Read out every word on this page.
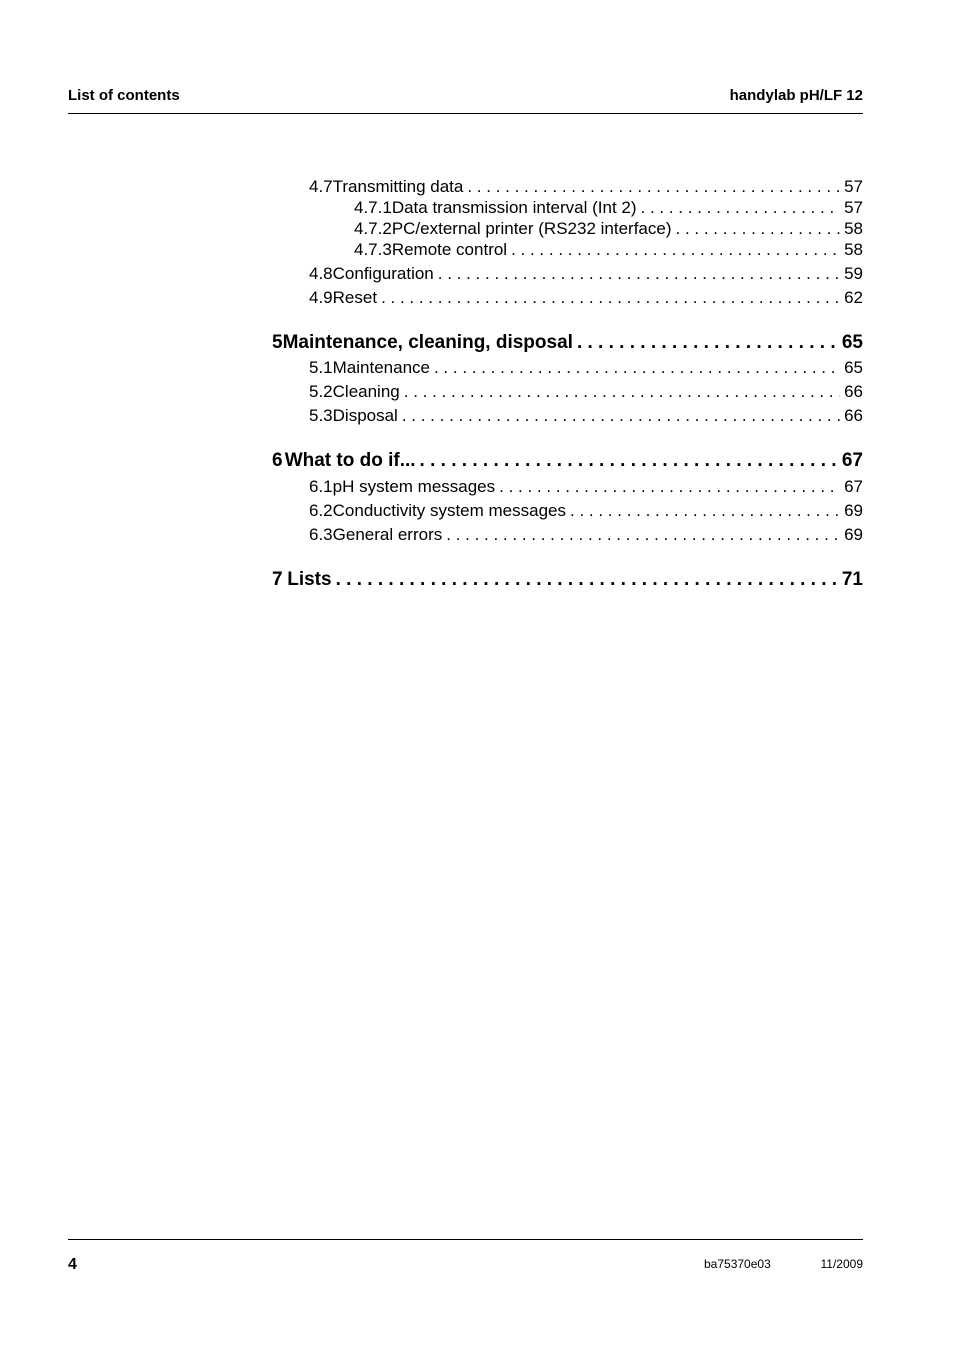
List of contents	handylab pH/LF 12
4.7 Transmitting data . . .	57
4.7.1 Data transmission interval (Int 2) . . .	57
4.7.2 PC/external printer (RS232 interface) . . .	58
4.7.3 Remote control . . .	58
4.8 Configuration . . .	59
4.9 Reset . . .	62
5 Maintenance, cleaning, disposal . . .	65
5.1 Maintenance . . .	65
5.2 Cleaning . . .	66
5.3 Disposal . . .	66
6 What to do if... . . .	67
6.1 pH system messages . . .	67
6.2 Conductivity system messages . . .	69
6.3 General errors . . .	69
7 Lists . . .	71
4	ba75370e03	11/2009
